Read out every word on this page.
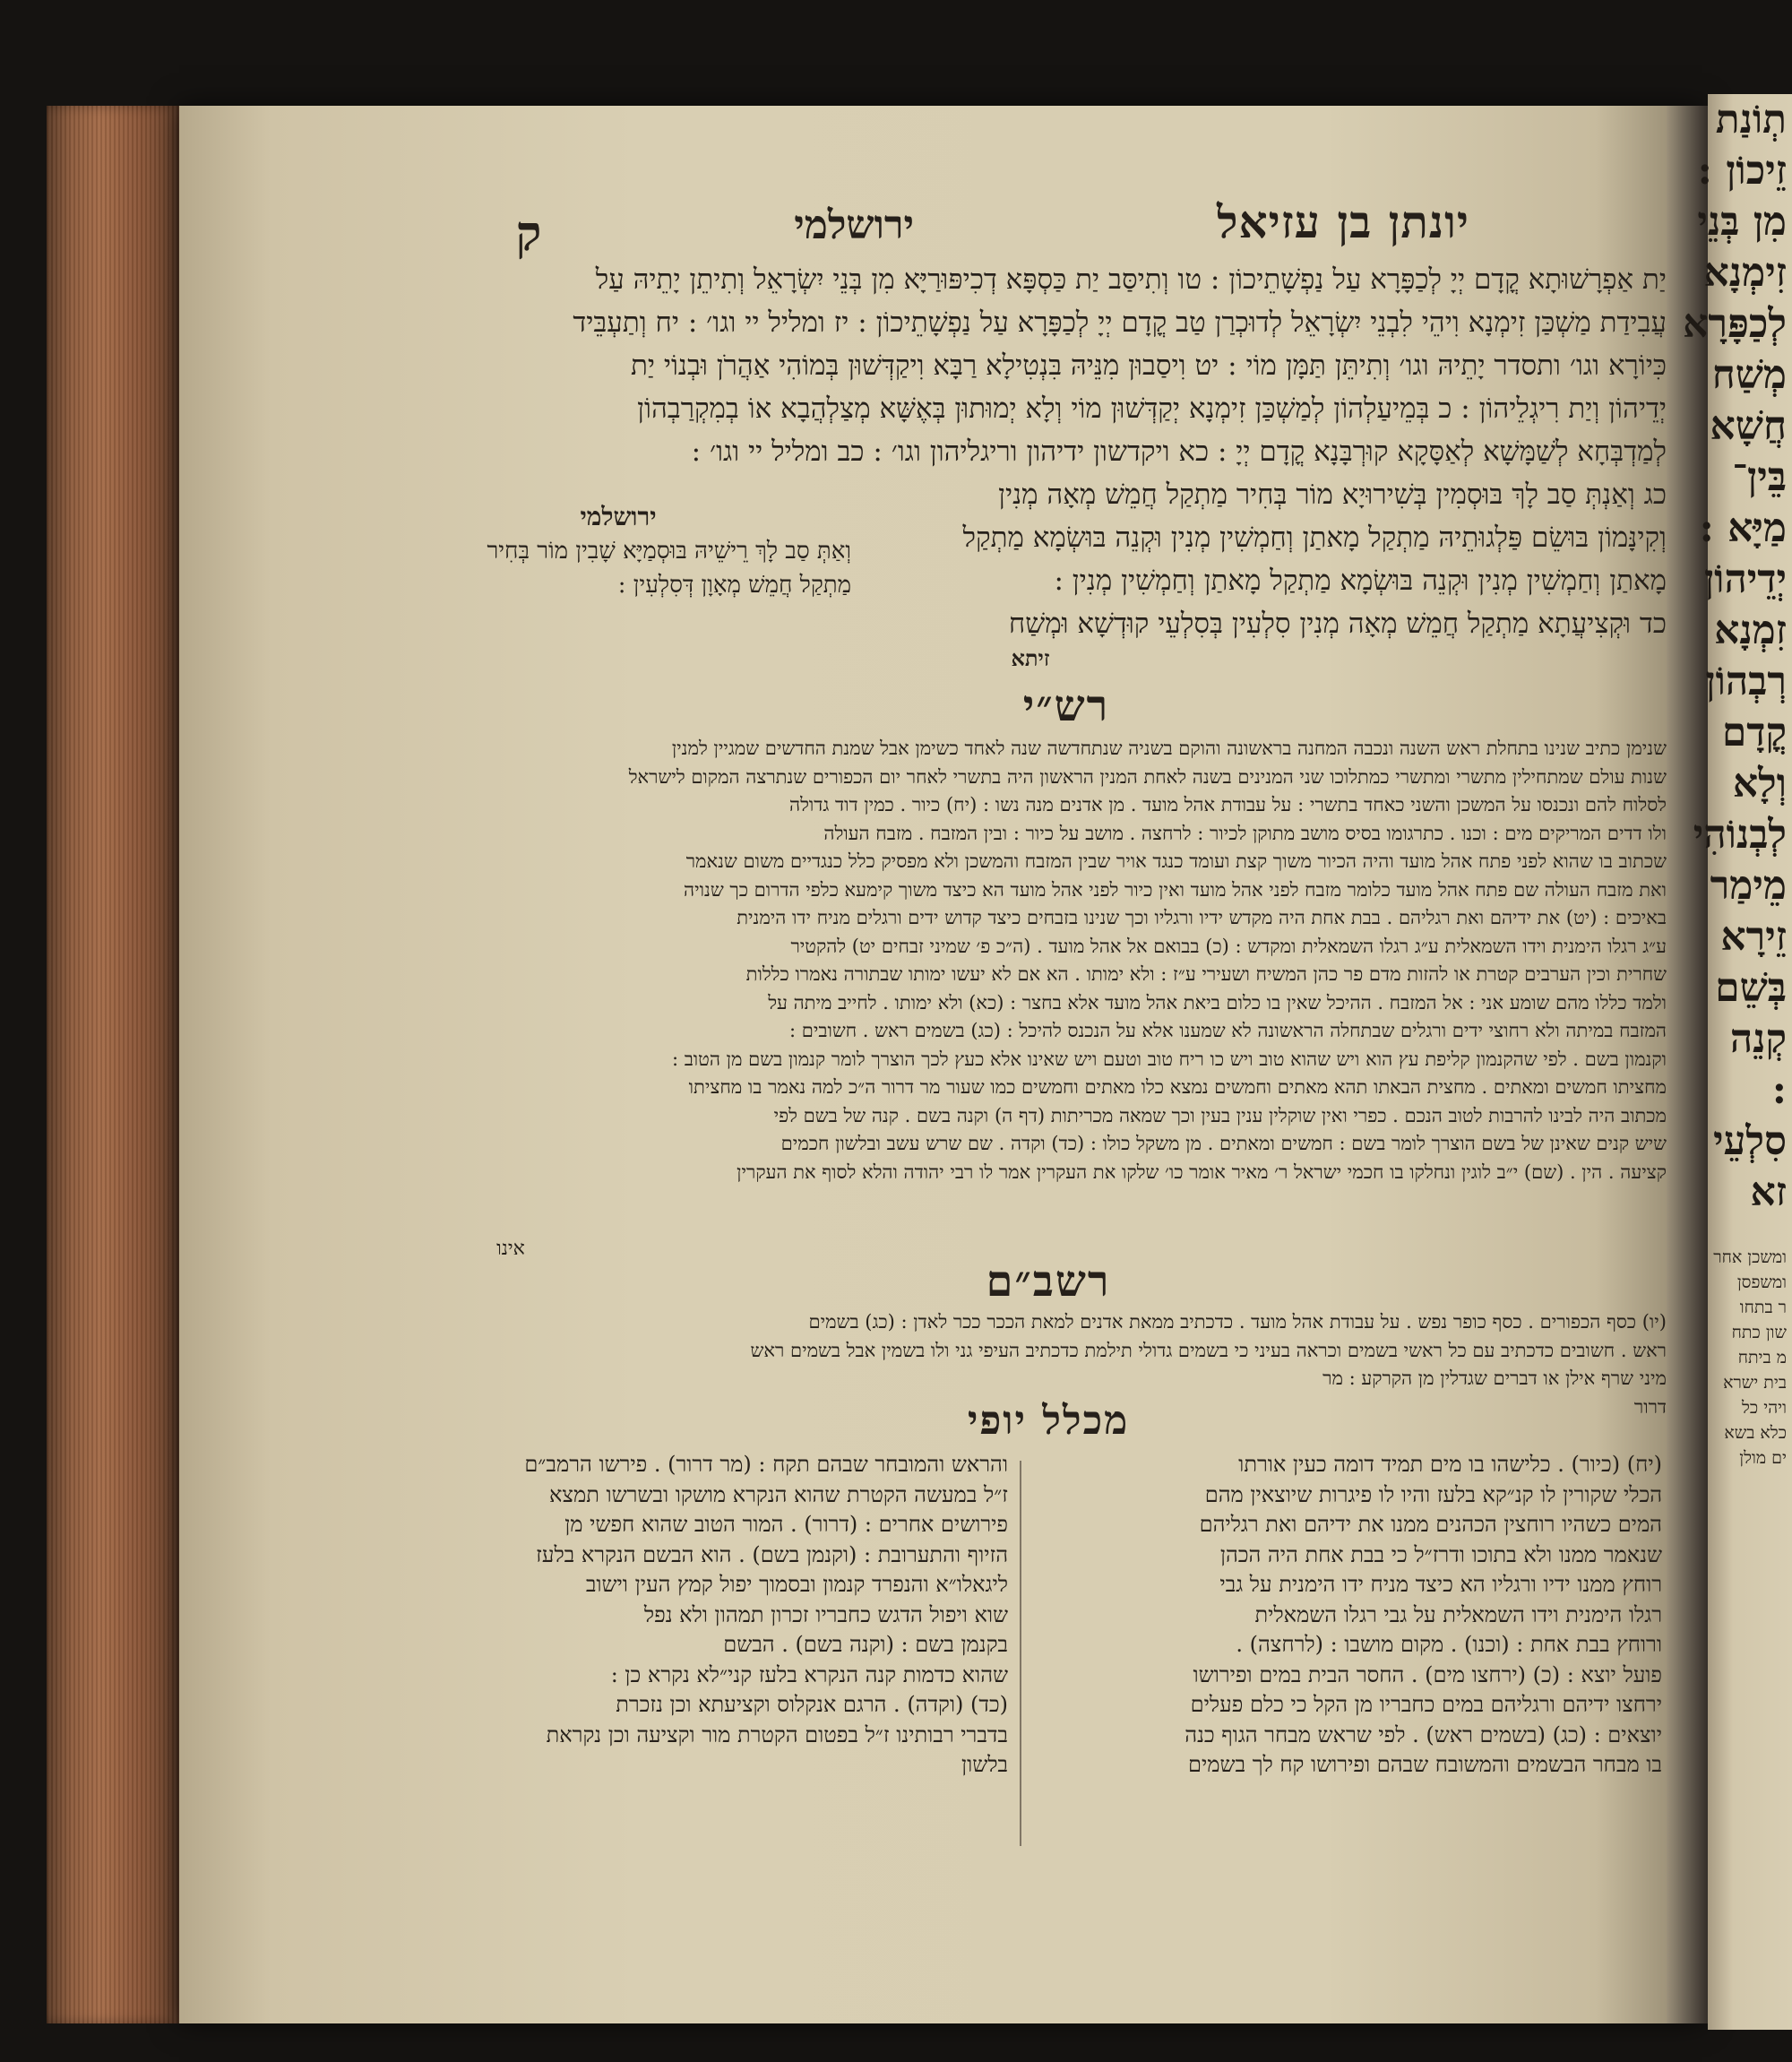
תְוֹנַת
זֵיכוֹן :
מִן בְּנֵי
זִימְנָא
לְכַפָּרָא
מְשַׁח
חֲשָׁא
בֵּין־
מַיָּא :
יְדֵיהוֹן
זִמְנָא
רְבְהוֹן
קֳדָם
וְלָא
לְבְנוֹהִי
מֵימַר
זֵירָא
בְּשֵׁם
קְנֵה
:
סִלְעֵי
זא
ומשכן אחר
ומשפסן
ר בתחו
שון כתח
מ ביתח
בית ישרא
ויהי כל
כלא בשא
ים מולן
יונתן בן עזיאל
ירושלמי
ק
יַת אַפְרָשׁוּתָא קֳדָם יְיָ לְכַפָּרָא עַל נַפְשָׁתֵיכוֹן : טו וְתִיסַּב יַת כַּסְפָּא דְכִיפּוּרַיָּא מִן בְּנֵי יִשְׂרָאֵל וְתִיתֵן יָתֵיהּ עַל
עֲבִידַת מַשְׁכַּן זִימְנָא וִיהֵי לִבְנֵי יִשְׂרָאֵל לְדוּכְרַן טַב קֳדָם יְיָ לְכַפָּרָא עַל נַפְשָׁתֵיכוֹן : יז ומליל יי וגו׳ : יח וְתַעְבֵּיד
כִּיוֹרָא וגו׳ ותסדר יָתֵיהּ וגו׳ וְתִיתֵּן תַּמָּן מוֹי : יט וִיסַבוּן מִנֵּיהּ בִּנְטִילָא רַבָּא וִיקַדְּשׁוּן בְּמוֹהִי אַהֲרֹן וּבְנוֹי יַת
יְדֵיהוֹן וְיַת רִיגְלֵיהוֹן : כ בְּמֵיעַלְהוֹן לְמַשְׁכַּן זִימְנָא יְקַדְּשׁוּן מוֹי וְלָא יְמוּתוּן בְּאֶשָּׁא מְצַלְהֲבָא אוֹ בְמִקְרַבְהוֹן
לְמַדְבְּחָא לְשַׁמָּשָׁא לְאַסָּקָא קוּרְבָּנָא קֳדָם יְיָ : כא ויקדשון ידיהון וריגליהון וגו׳ : כב ומליל יי וגו׳ :
כג וְאַנְתְּ סַב לָךְ בּוּסְמִין בְּשִׁירוּיָא מוֹר בְּחִיר מַתְקַל חֲמֵשׁ מְאָה מְנִין
וְקִינָּמוֹן בּוּשֵׂם פַּלְגוּתֵיהּ מַתְקַל מָאתַן וְחַמְשִׁין מְנִין וּקְנֵה בּוּשְׂמָא מַתְקַל
מָאתַן וְחַמְשִׁין מְנִין וּקְנֵה בּוּשְׂמָא מַתְקַל מָאתַן וְחַמְשִׁין מְנִין :
כד וּקְצִיעֲתָא מַתְקַל חֲמֵשׁ מְאָה מְנִין סִלְעִין בְּסִלְעֵי קוּדְשָׁא וּמְשַׁח
ירושלמי
וְאַתְּ סַב לָךְ רֵישֵׁיהּ בּוּסְמַיָּא שָׁבִין מוֹר בְּחִיר
מַתְקַל חֲמֵשׁ מְאָוָן דְּסִלְעִין :
זיתא
רש״י
שנימן כתיב שנינו בתחלת ראש השנה ונכבה המחנה בראשונה והוקם בשניה שנתחדשה שנה לאחד כשימן אבל שמנת החדשים שמגיין למנין
שנות עולם שמתחילין מתשרי ומתשרי כמתלוכו שני המנינים בשנה לאחת המנין הראשון היה בתשרי לאחר יום הכפורים שנתרצה המקום לישראל
לסלוח להם ונכנסו על המשכן והשני כאחד בתשרי : על עבודת אהל מועד . מן אדנים מנה נשו : (יח) כיור . כמין דוד גדולה
ולו דדים המריקים מים : וכנו . כתרגומו בסיס מושב מתוקן לכיור : לרחצה . מושב על כיור : ובין המזבח . מזבח העולה
שכתוב בו שהוא לפני פתח אהל מועד והיה הכיור משוך קצת ועומד כנגד אויר שבין המזבח והמשכן ולא מפסיק כלל כנגדיים משום שנאמר
ואת מזבח העולה שם פתח אהל מועד כלומר מזבח לפני אהל מועד ואין כיור לפני אהל מועד הא כיצד משוך קימעא כלפי הדרום כך שנויה
באיכים : (יט) את ידיהם ואת רגליהם . בבת אחת היה מקדש ידיו ורגליו וכך שנינו בזבחים כיצד קדוש ידים ורגלים מניח ידו הימנית
ע״ג רגלו הימנית וידו השמאלית ע״ג רגלו השמאלית ומקדש : (כ) בבואם אל אהל מועד . (ה״כ פ׳ שמיני זבחים יט) להקטיר
שחרית וכין הערבים קטרת או להזות מדם פר כהן המשיח ושעירי ע״ז : ולא ימותו . הא אם לא יעשו ימותו שבתורה נאמרו כללות
ולמד כללו מהם שומע אני : אל המזבח . ההיכל שאין בו כלום ביאת אהל מועד אלא בחצר : (כא) ולא ימותו . לחייב מיתה על
המזבח במיתה ולא רחוצי ידים ורגלים שבתחלה הראשונה לא שמענו אלא על הנכנס להיכל : (כג) בשמים ראש . חשובים :
וקנמון בשם . לפי שהקנמון קליפת עץ הוא ויש שהוא טוב ויש כו ריח טוב וטעם ויש שאינו אלא כעץ לכך הוצרך לומר קנמון בשם מן הטוב :
מחציתו חמשים ומאתים . מחצית הבאתו תהא מאתים וחמשים נמצא כלו מאתים וחמשים כמו שעור מר דרור ה״כ למה נאמר בו מחציתו
מכתוב היה לבינו להרבות לטוב הנכם . כפרי ואין שוקלין ענין בעין וכך שמאה מכריתות (דף ה) וקנה בשם . קנה של בשם לפי
שיש קנים שאינן של בשם הוצרך לומר בשם : חמשים ומאתים . מן משקל כולו : (כד) וקדה . שם שרש עשב ובלשון חכמים
קציעה . הין . (שם) י״ב לוגין ונחלקו בו חכמי ישראל ר׳ מאיר אומר כו׳ שלקו את העקרין אמר לו רבי יהודה והלא לסוף את העקרין
אינו
רשב״ם
(יו) כסף הכפורים . כסף כופר נפש . על עבודת אהל מועד . כדכתיב ממאת אדנים למאת הככר ככר לאדן : (כג) בשמים
ראש . חשובים כדכתיב עם כל ראשי בשמים וכראה בעיני כי בשמים גדולי תילמת כדכתיב העיפי גני ולו בשמין אבל בשמים ראש
מיני שרף אילן או דברים שגדלין מן הקרקע : מר
דרור
מכלל יופי
(יח) (כיור) . כלישהו בו מים תמיד דומה כעין אורתו
הכלי שקורין לו קנ״קא בלעז והיו לו פיגרות שיוצאין מהם
המים כשהיו רוחצין הכהנים ממנו את ידיהם ואת רגליהם
שנאמר ממנו ולא בתוכו ודרז״ל כי בבת אחת היה הכהן
רוחץ ממנו ידיו ורגליו הא כיצד מניח ידו הימנית על גבי
רגלו הימנית וידו השמאלית על גבי רגלו השמאלית
ורוחץ בבת אחת : (וכנו) . מקום מושבו : (לרחצה) .
פועל יוצא : (כ) (ירחצו מים) . החסר הבית במים ופירושו
ירחצו ידיהם ורגליהם במים כחבריו מן הקל כי כלם פעלים
יוצאים : (כג) (בשמים ראש) . לפי שראש מבחר הגוף כנה
בו מבחר הבשמים והמשובח שבהם ופירושו קח לך בשמים
והראש והמובחר שבהם תקח : (מר דרור) . פירשו הרמב״ם
ז״ל במעשה הקטרת שהוא הנקרא מושקו ובשרשו תמצא
פירושים אחרים : (דרור) . המור הטוב שהוא חפשי מן
הזיוף והתערובת : (וקנמן בשם) . הוא הבשם הנקרא בלעז
ליגאלו״א והנפרד קנמון ובסמוך יפול קמץ העין וישוב
שוא ויפול הדגש כחבריו זכרון תמהון ולא נפל
בקנמן בשם : (וקנה בשם) . הבשם
שהוא כדמות קנה הנקרא בלעז קני״לא נקרא כן :
(כד) (וקדה) . הרגם אנקלוס וקציעתא וכן נזכרת
בדברי רבותינו ז״ל בפטום הקטרת מור וקציעה וכן נקראת
בלשון
